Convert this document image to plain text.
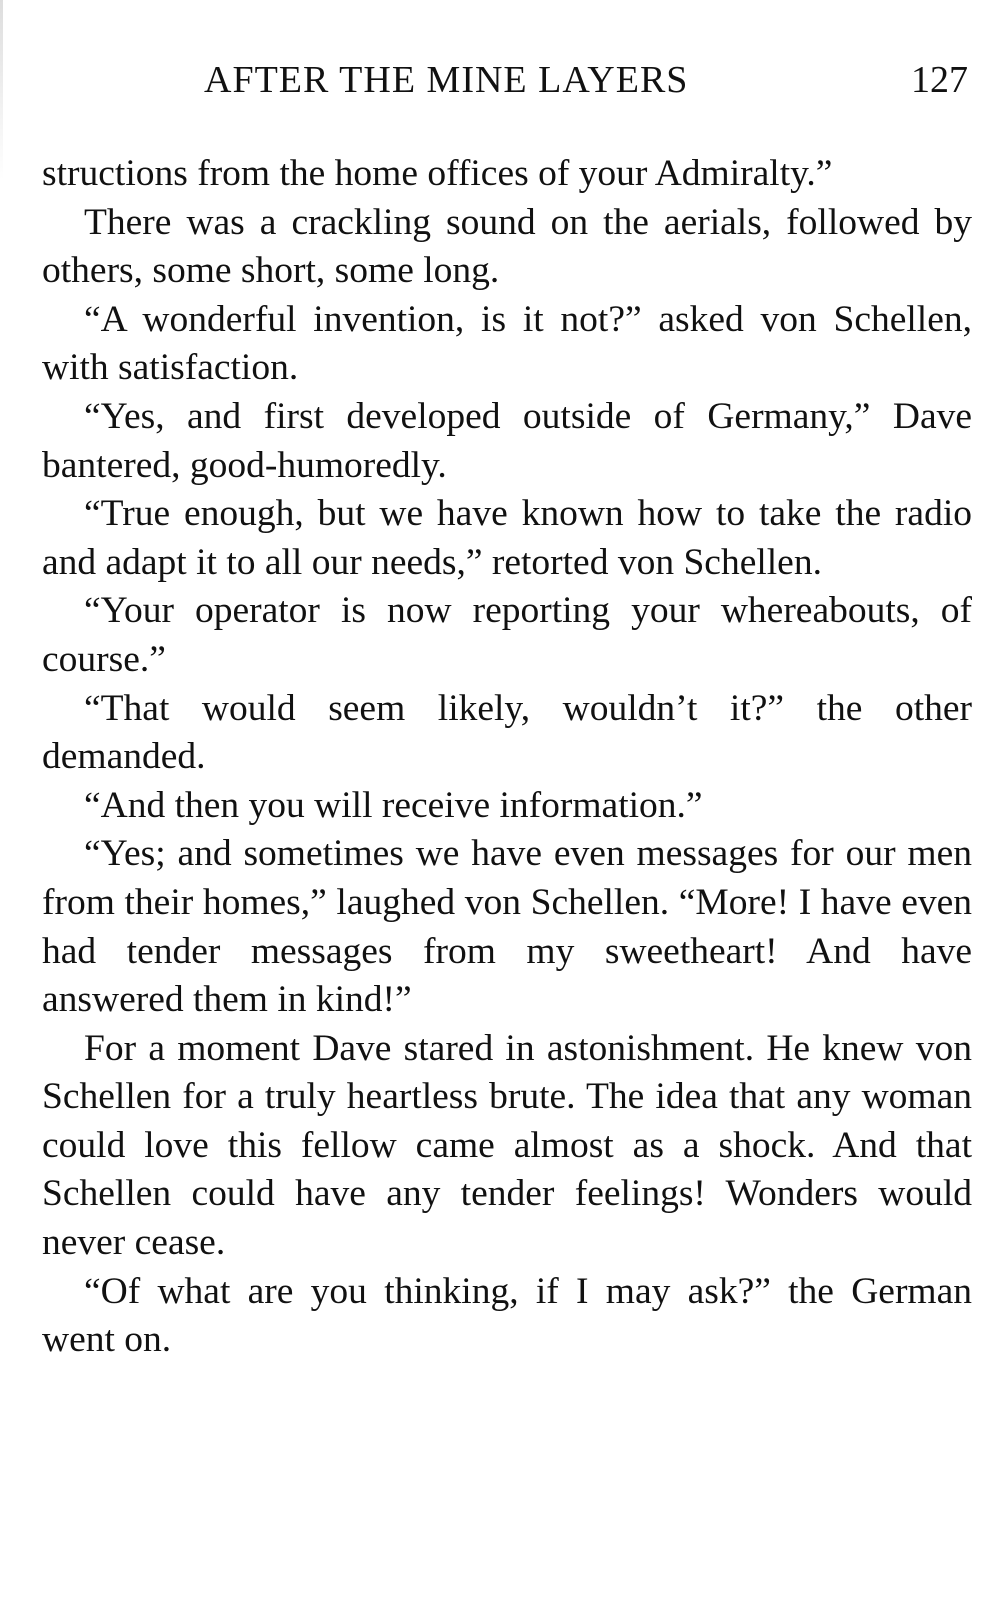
AFTER THE MINE LAYERS	127

structions from the home offices of your Admiralty.”

There was a crackling sound on the aerials, followed by others, some short, some long.

“A wonderful invention, is it not?” asked von Schellen, with satisfaction.

“Yes, and first developed outside of Germany,” Dave bantered, good-humoredly.

“True enough, but we have known how to take the radio and adapt it to all our needs,” retorted von Schellen.

“Your operator is now reporting your whereabouts, of course.”

“That would seem likely, wouldn’t it?” the other demanded.

“And then you will receive information.”

“Yes; and sometimes we have even messages for our men from their homes,” laughed von Schellen. “More! I have even had tender messages from my sweetheart! And have answered them in kind!”

For a moment Dave stared in astonishment. He knew von Schellen for a truly heartless brute. The idea that any woman could love this fellow came almost as a shock. And that Schellen could have any tender feelings! Wonders would never cease.

“Of what are you thinking, if I may ask?” the German went on.
